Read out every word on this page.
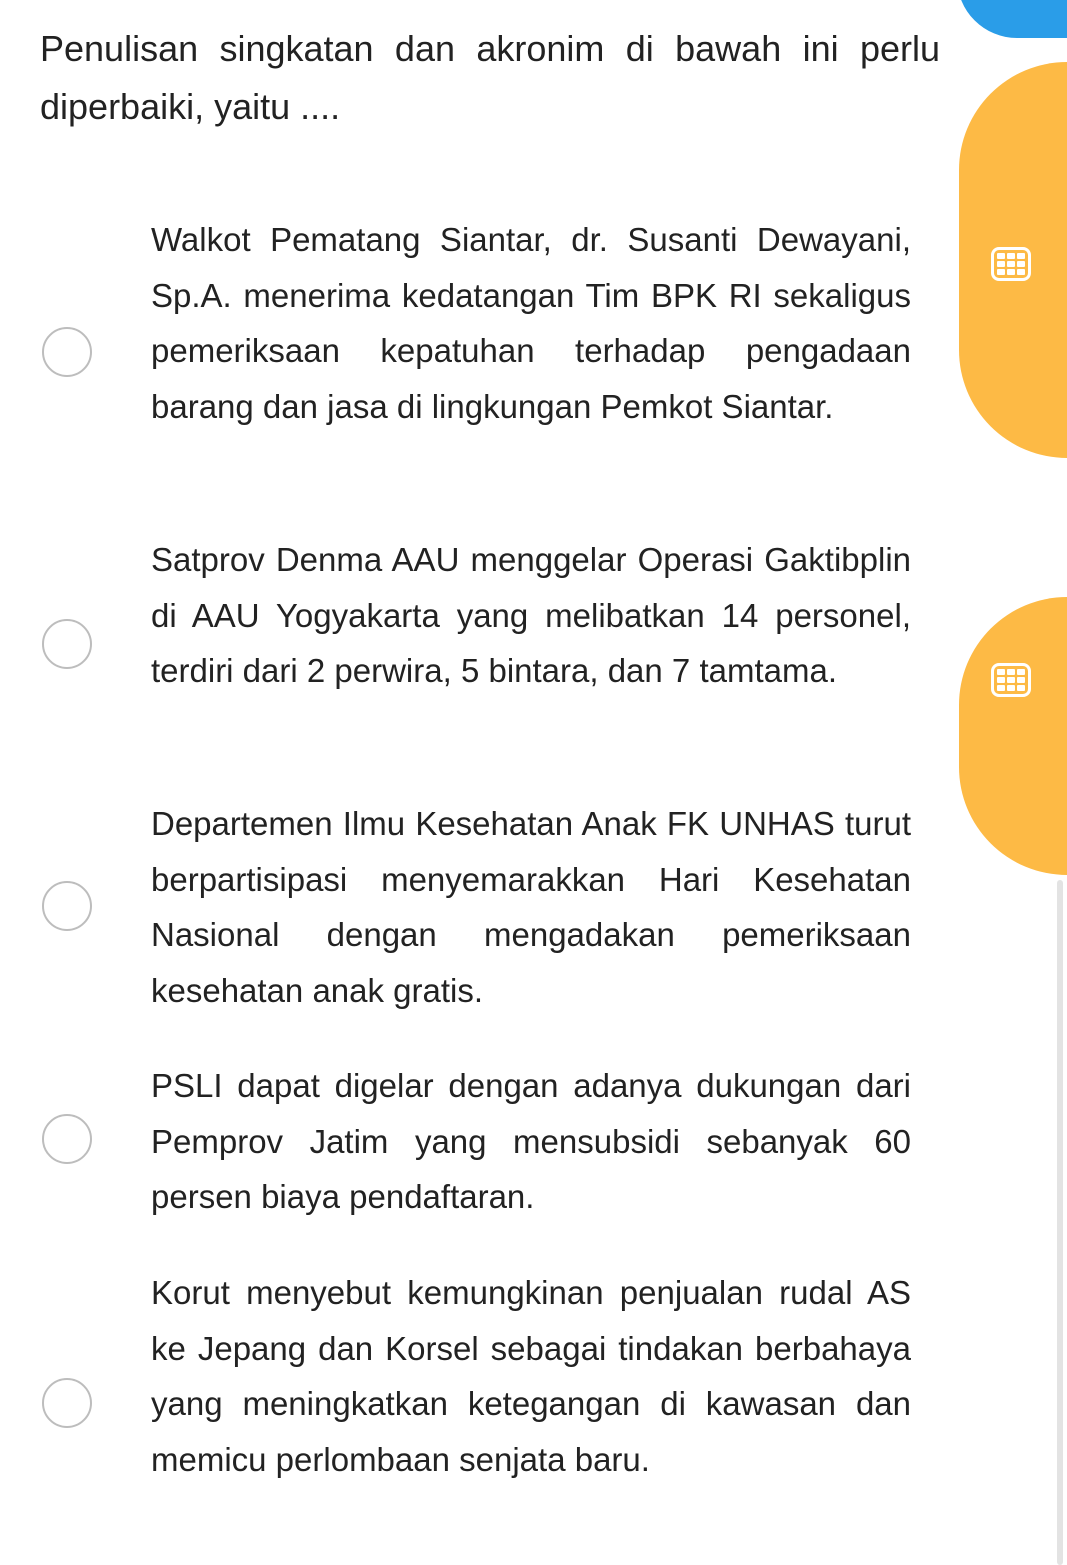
Penulisan singkatan dan akronim di bawah ini perlu diperbaiki, yaitu ....

Walkot Pematang Siantar, dr. Susanti Dewayani, Sp.A. menerima kedatangan Tim BPK RI sekaligus pemeriksaan kepatuhan terhadap pengadaan barang dan jasa di lingkungan Pemkot Siantar.

Satprov Denma AAU menggelar Operasi Gaktibplin di AAU Yogyakarta yang melibatkan 14 personel, terdiri dari 2 perwira, 5 bintara, dan 7 tamtama.

Departemen Ilmu Kesehatan Anak FK UNHAS turut berpartisipasi menyemarakkan Hari Kesehatan Nasional dengan mengadakan pemeriksaan kesehatan anak gratis.

PSLI dapat digelar dengan adanya dukungan dari Pemprov Jatim yang mensubsidi sebanyak 60 persen biaya pendaftaran.

Korut menyebut kemungkinan penjualan rudal AS ke Jepang dan Korsel sebagai tindakan berbahaya yang meningkatkan ketegangan di kawasan dan memicu perlombaan senjata baru.
